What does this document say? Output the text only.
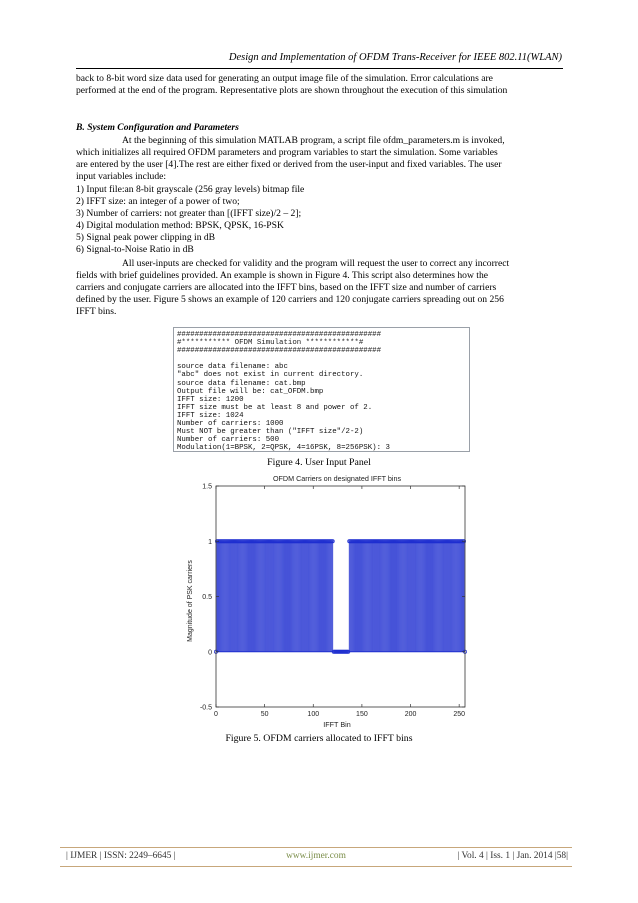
Design and Implementation of OFDM Trans-Receiver for IEEE 802.11(WLAN)
back to 8-bit word size data used for generating an output image file of the simulation. Error calculations are
performed at the end of the program. Representative plots are shown throughout the execution of this simulation
B. System Configuration and Parameters
At the beginning of this simulation MATLAB program, a script file ofdm_parameters.m is invoked,
which initializes all required OFDM parameters and program variables to start the simulation. Some variables
are entered by the user [4].The rest are either fixed or derived from the user-input and fixed variables. The user
input variables include:
1) Input file:an 8-bit grayscale (256 gray levels) bitmap file
2) IFFT size: an integer of a power of two;
3) Number of carriers: not greater than [(IFFT size)/2 – 2];
4) Digital modulation method: BPSK, QPSK, 16-PSK
5) Signal peak power clipping in dB
6) Signal-to-Noise Ratio in dB
All user-inputs are checked for validity and the program will request the user to correct any incorrect
fields with brief guidelines provided. An example is shown in Figure 4. This script also determines how the
carriers and conjugate carriers are allocated into the IFFT bins, based on the IFFT size and number of carriers
defined by the user. Figure 5 shows an example of 120 carriers and 120 conjugate carriers spreading out on 256
IFFT bins.
##############################################
#*********** OFDM Simulation ************#
##############################################

source data filename: abc
"abc" does not exist in current directory.
source data filename: cat.bmp
Output file will be: cat_OFDM.bmp
IFFT size: 1200
IFFT size must be at least 8 and power of 2.
IFFT size: 1024
Number of carriers: 1000
Must NOT be greater than ("IFFT size"/2-2)
Number of carriers: 500
Modulation(1=BPSK, 2=QPSK, 4=16PSK, 8=256PSK): 3
Figure 4. User Input Panel
0	50	100	150	200	250
-0.5
0
0.5
1
1.5
OFDM Carriers on designated IFFT bins
IFFT Bin
Magnitude of PSK carriers
Figure 5. OFDM carriers allocated to IFFT bins
| IJMER | ISSN: 2249–6645 |	www.ijmer.com	| Vol. 4 | Iss. 1 | Jan. 2014 |58|
